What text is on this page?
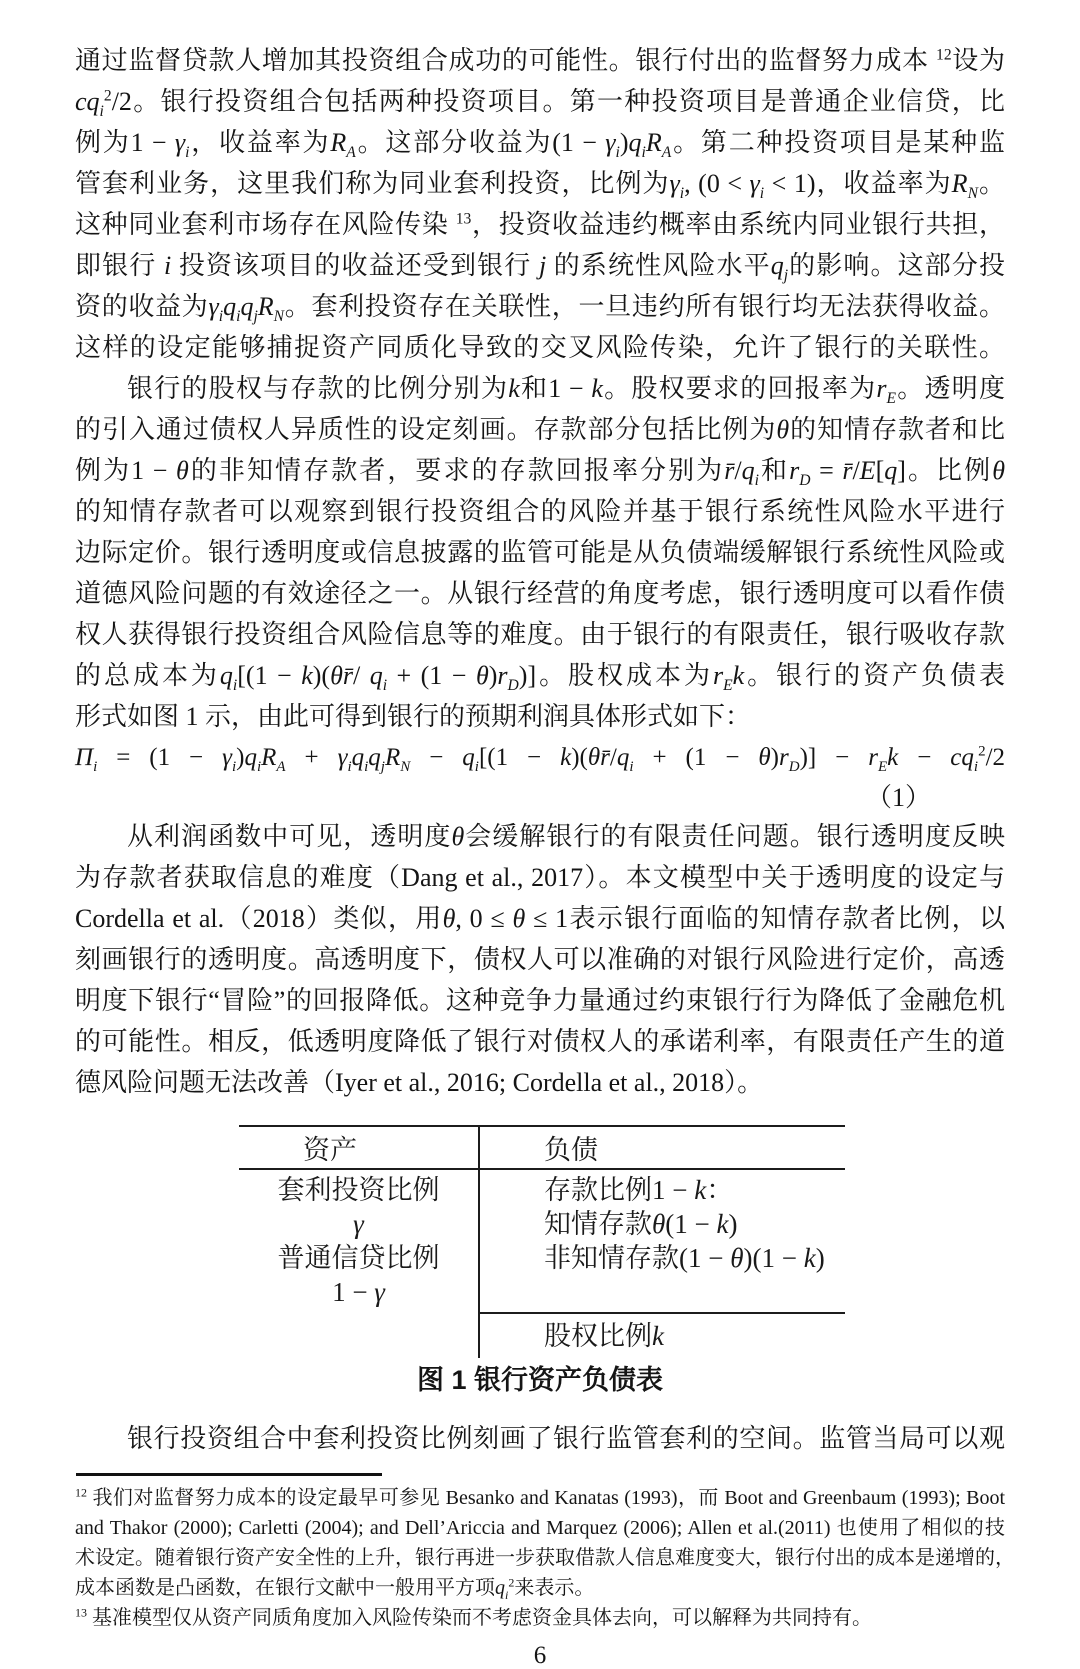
通过监督贷款人增加其投资组合成功的可能性。银行付出的监督努力成本 $^{12}$设为
$cq_i^2/2$。银行投资组合包括两种投资项目。第一种投资项目是普通企业信贷，比
例为$1 - \gamma_i$，收益率为$R_A$。这部分收益为$(1 - \gamma_i)q_iR_A$。第二种投资项目是某种监
管套利业务，这里我们称为同业套利投资，比例为$\gamma_i$, $(0 < \gamma_i < 1)$，收益率为$R_N$。
这种同业套利市场存在风险传染 $^{13}$，投资收益违约概率由系统内同业银行共担，
即银行 i 投资该项目的收益还受到银行 j 的系统性风险水平$q_j$的影响。这部分投
资的收益为$\gamma_iq_iq_jR_N$。套利投资存在关联性，一旦违约所有银行均无法获得收益。
这样的设定能够捕捉资产同质化导致的交叉风险传染，允许了银行的关联性。
银行的股权与存款的比例分别为k和1 − k。股权要求的回报率为$r_E$。透明度
的引入通过债权人异质性的设定刻画。存款部分包括比例为θ的知情存款者和比
例为1 − θ的非知情存款者，要求的存款回报率分别为$r̄/q_i$和$r_D$ = r̄/E[q]。比例θ
的知情存款者可以观察到银行投资组合的风险并基于银行系统性风险水平进行
边际定价。银行透明度或信息披露的监管可能是从负债端缓解银行系统性风险或
道德风险问题的有效途径之一。从银行经营的角度考虑，银行透明度可以看作债
权人获得银行投资组合风险信息等的难度。由于银行的有限责任，银行吸收存款
的总成本为$q_i[(1$ − k)(θr̄/ $q_i + (1 - \theta)r_D$)]。股权成本为$r_Ek$。银行的资产负债表
形式如图 1 示，由此可得到银行的预期利润具体形式如下：
$\Pi_i = (1 - \gamma_i)q_iR_A + \gamma_iq_iq_jR_N - q_i[(1$ − $k)(\theta r̄/q_i + (1 - \theta)r_D)] - r_Ek - cq_i^2/2$
（1）
从利润函数中可见，透明度θ会缓解银行的有限责任问题。银行透明度反映
为存款者获取信息的难度（Dang et al., 2017）。本文模型中关于透明度的设定与
Cordella et al.（2018）类似，用θ, 0 ≤ θ ≤ 1表示银行面临的知情存款者比例，以
刻画银行的透明度。高透明度下，债权人可以准确的对银行风险进行定价，高透
明度下银行“冒险”的回报降低。这种竞争力量通过约束银行行为降低了金融危机
的可能性。相反，低透明度降低了银行对债权人的承诺利率，有限责任产生的道
德风险问题无法改善（Iyer et al., 2016; Cordella et al., 2018）。
资产	负债
套利投资比例
γ
普通信贷比例
1 − γ
存款比例1 − k：
知情存款θ(1 − k)
非知情存款(1 − θ)(1 − k)
股权比例k
图 1 银行资产负债表
银行投资组合中套利投资比例刻画了银行监管套利的空间。监管当局可以观
$^{12}$ 我们对监督努力成本的设定最早可参见 Besanko and Kanatas (1993)，而 Boot and Greenbaum (1993); Boot
and Thakor (2000); Carletti (2004); and Dell’Ariccia and Marquez (2006); Allen et al.(2011) 也使用了相似的技
术设定。随着银行资产安全性的上升，银行再进一步获取借款人信息难度变大，银行付出的成本是递增的，
成本函数是凸函数，在银行文献中一般用平方项$q_i^2$来表示。
$^{13}$ 基准模型仅从资产同质角度加入风险传染而不考虑资金具体去向，可以解释为共同持有。
6
